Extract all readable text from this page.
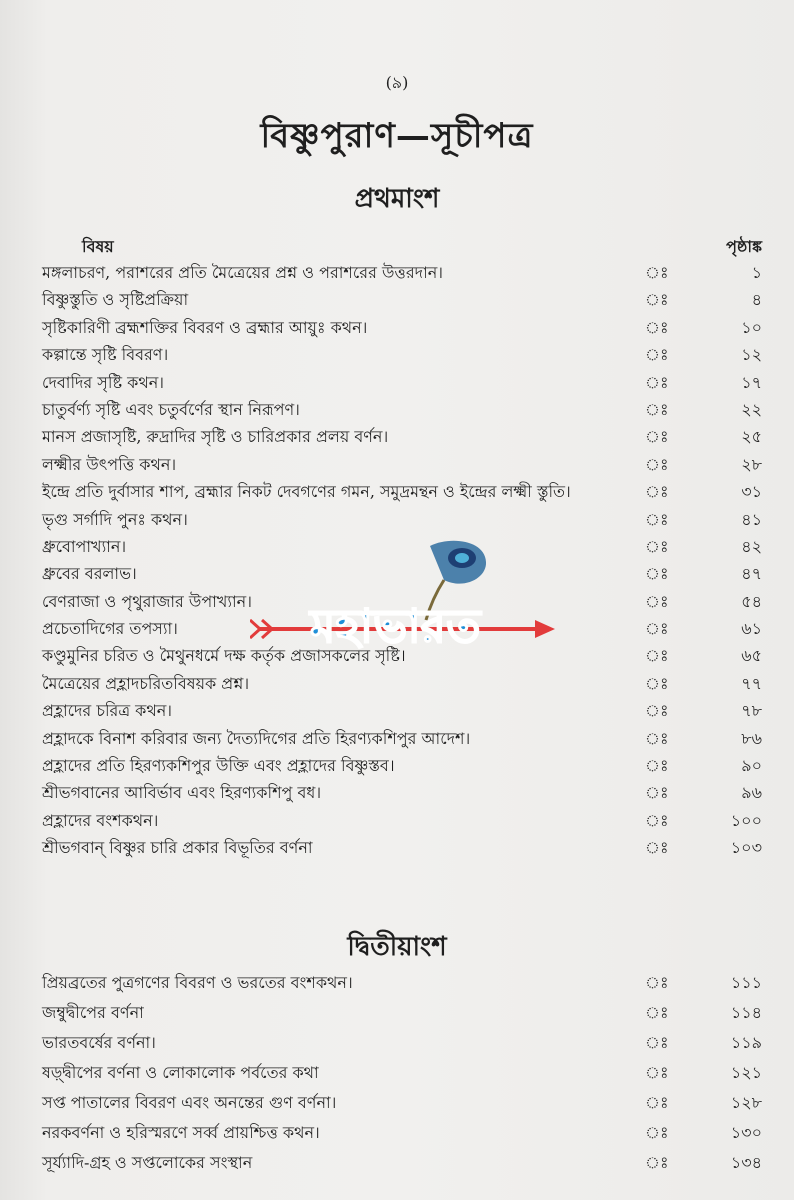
(৯)
বিষ্ণুপুরাণ—সূচীপত্র
প্রথমাংশ
বিষয়	পৃষ্ঠাঙ্ক
মঙ্গলাচরণ, পরাশরের প্রতি মৈত্রেয়ের প্রশ্ন ও পরাশরের উত্তরদান।	ঃ	১
বিষ্ণুস্তুতি ও সৃষ্টিপ্রক্রিয়া	ঃ	৪
সৃষ্টিকারিণী ব্রহ্মশক্তির বিবরণ ও ব্রহ্মার আয়ুঃ কথন।	ঃ	১০
কল্পান্তে সৃষ্টি বিবরণ।	ঃ	১২
দেবাদির সৃষ্টি কথন।	ঃ	১৭
চাতুর্বর্ণ্য সৃষ্টি এবং চতুর্বর্ণের স্থান নিরূপণ।	ঃ	২২
মানস প্রজাসৃষ্টি, রুদ্রাদির সৃষ্টি ও চারিপ্রকার প্রলয় বর্ণন।	ঃ	২৫
লক্ষ্মীর উৎপত্তি কথন।	ঃ	২৮
ইন্দ্রে প্রতি দুর্বাসার শাপ, ব্রহ্মার নিকট দেবগণের গমন, সমুদ্রমন্থন ও ইন্দ্রের লক্ষ্মী স্তুতি।	ঃ	৩১
ভৃগু সর্গাদি পুনঃ কথন।	ঃ	৪১
ধ্রুবোপাখ্যান।	ঃ	৪২
ধ্রুবের বরলাভ।	ঃ	৪৭
বেণরাজা ও পৃথুরাজার উপাখ্যান।	ঃ	৫৪
প্রচেতাদিগের তপস্যা।	ঃ	৬১
কণ্ডুমুনির চরিত ও মৈথুনধর্মে দক্ষ কর্তৃক প্রজাসকলের সৃষ্টি।	ঃ	৬৫
মৈত্রেয়ের প্রহ্লাদচরিতবিষয়ক প্রশ্ন।	ঃ	৭৭
প্রহ্লাদের চরিত্র কথন।	ঃ	৭৮
প্রহ্লাদকে বিনাশ করিবার জন্য দৈত্যদিগের প্রতি হিরণ্যকশিপুর আদেশ।	ঃ	৮৬
প্রহ্লাদের প্রতি হিরণ্যকশিপুর উক্তি এবং প্রহ্লাদের বিষ্ণুস্তব।	ঃ	৯০
শ্রীভগবানের আবির্ভাব এবং হিরণ্যকশিপু বধ।	ঃ	৯৬
প্রহ্লাদের বংশকথন।	ঃ	১০০
শ্রীভগবান্ বিষ্ণুর চারি প্রকার বিভূতির বর্ণনা	ঃ	১০৩
দ্বিতীয়াংশ
প্রিয়ব্রতের পুত্রগণের বিবরণ ও ভরতের বংশকথন।	ঃ	১১১
জম্বুদ্বীপের বর্ণনা	ঃ	১১৪
ভারতবর্ষের বর্ণনা।	ঃ	১১৯
ষড়্দ্বীপের বর্ণনা ও লোকালোক পর্বতের কথা	ঃ	১২১
সপ্ত পাতালের বিবরণ এবং অনন্তের গুণ বর্ণনা।	ঃ	১২৮
নরকবর্ণনা ও হরিস্মরণে সর্ব্ব প্রায়শ্চিত্ত কথন।	ঃ	১৩০
সূর্য্যাদি-গ্রহ ও সপ্তলোকের সংস্থান	ঃ	১৩৪
মহাভারত
